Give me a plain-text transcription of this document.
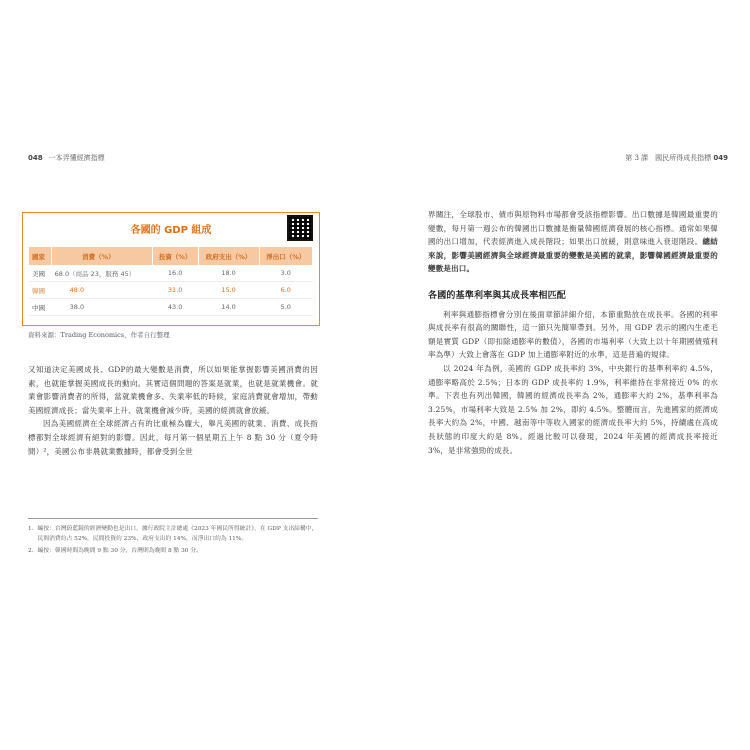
048 一本弄懂經濟指標
各國的 GDP 組成
國家	消費（%）	投資（%）	政府支出（%）	淨出口（%）
美國	68.0（商品 23，服務 45）	16.0	18.0	3.0
韓國	48.0	31.0	15.0	6.0
中國	38.0	43.0	14.0	5.0
資料來源：Trading Economics，作者自行整理

又知道決定美國成長、GDP的最大變數是消費，所以如果能掌握影響美國消費的因素，也就能掌握美國成長的動向。其實這個問題的答案是就業，也就是就業機會。就業會影響消費者的所得，當就業機會多、失業率低的時候，家庭消費就會增加，帶動美國經濟成長；當失業率上升、就業機會減少時，美國的經濟就會放緩。

因為美國經濟在全球經濟占有的比重極為龐大，舉凡美國的就業、消費、成長指標都對全球經濟有絕對的影響。因此，每月第一個星期五上午 8 點 30 分（夏令時間）²，美國公布非農就業數據時，都會受到全世

1. 編按：台灣蔚藍鏡的經濟變動也是出口，據行政院主計總處《2023 年國民所得統計》，在 GDP 支出結構中，民間消費約占 52%，民間投資約 23%，政府支出約 14%，而淨出口約為 11%。
2. 編按：韓國時間為晚間 9 點 30 分，台灣則為晚間 8 點 30 分。
第 3 課　國民所得成長指標 049

界關注，全球股市、債市與原物料市場都會受該指標影響。出口數據是韓國最重要的變數，每月第一週公布的韓國出口數據是衡量韓國經濟發展的核心指標。通常如果韓國的出口增加，代表經濟進入成長階段；如果出口放緩，則意味進入衰退階段。總結來說，影響美國經濟與全球經濟最重要的變數是美國的就業，影響韓國經濟最重要的變數是出口。

各國的基準利率與其成長率相匹配

利率與通膨指標會分別在後面章節詳細介紹，本節重點放在成長率。各國的利率與成長率有很高的關聯性，這一節只先簡單帶到。另外，用 GDP 表示的國內生產毛額是實質 GDP（即扣除通膨率的數值），各國的市場利率（大致上以十年期國債殖利率為準）大致上會落在 GDP 加上通膨率附近的水準，這是普遍的規律。

以 2024 年為例，美國的 GDP 成長率約 3%，中央銀行的基準利率約 4.5%，通膨率略高於 2.5%；日本的 GDP 成長率約 1.9%，利率維持在非常接近 0% 的水準。下表也有列出韓國，韓國的經濟成長率為 2%，通膨率大約 2%，基準利率為 3.25%，市場利率大致是 2.5% 加 2%，即約 4.5%。整體而言，先進國家的經濟成長率大約為 2%，中國、越南等中等收入國家的經濟成長率大約 5%，持續處在高成長狀態的印度大約是 8%。經過比較可以發現，2024 年美國的經濟成長率接近 3%，是非常強勁的成長。
